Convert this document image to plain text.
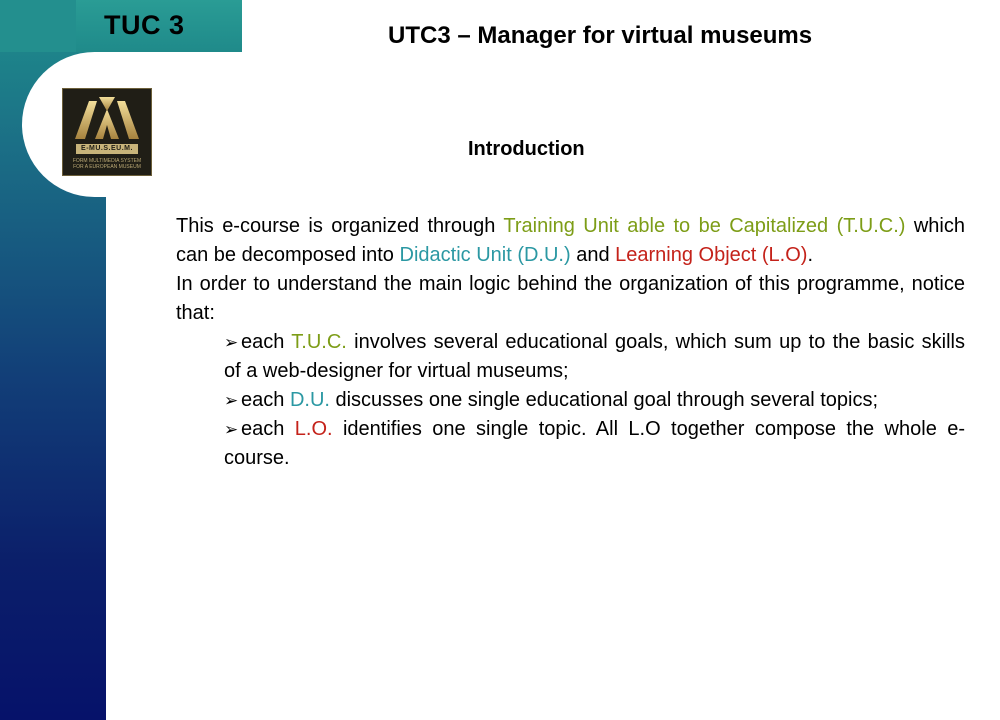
TUC 3	UTC3 – Manager for virtual museums
E-MU.S.EU.M.
FORM MULTIMEDIA SYSTEM FOR A EUROPEAN MUSEUM
Introduction

This e-course is organized through Training Unit able to be Capitalized (T.U.C.) which can be decomposed into Didactic Unit (D.U.) and Learning Object (L.O).

In order to understand the main logic behind the organization of this programme, notice that:

➢ each T.U.C. involves several educational goals, which sum up to the basic skills of a web-designer for virtual museums;
➢ each D.U. discusses one single educational goal through several topics;
➢ each L.O. identifies one single topic. All L.O together compose the whole e-course.
